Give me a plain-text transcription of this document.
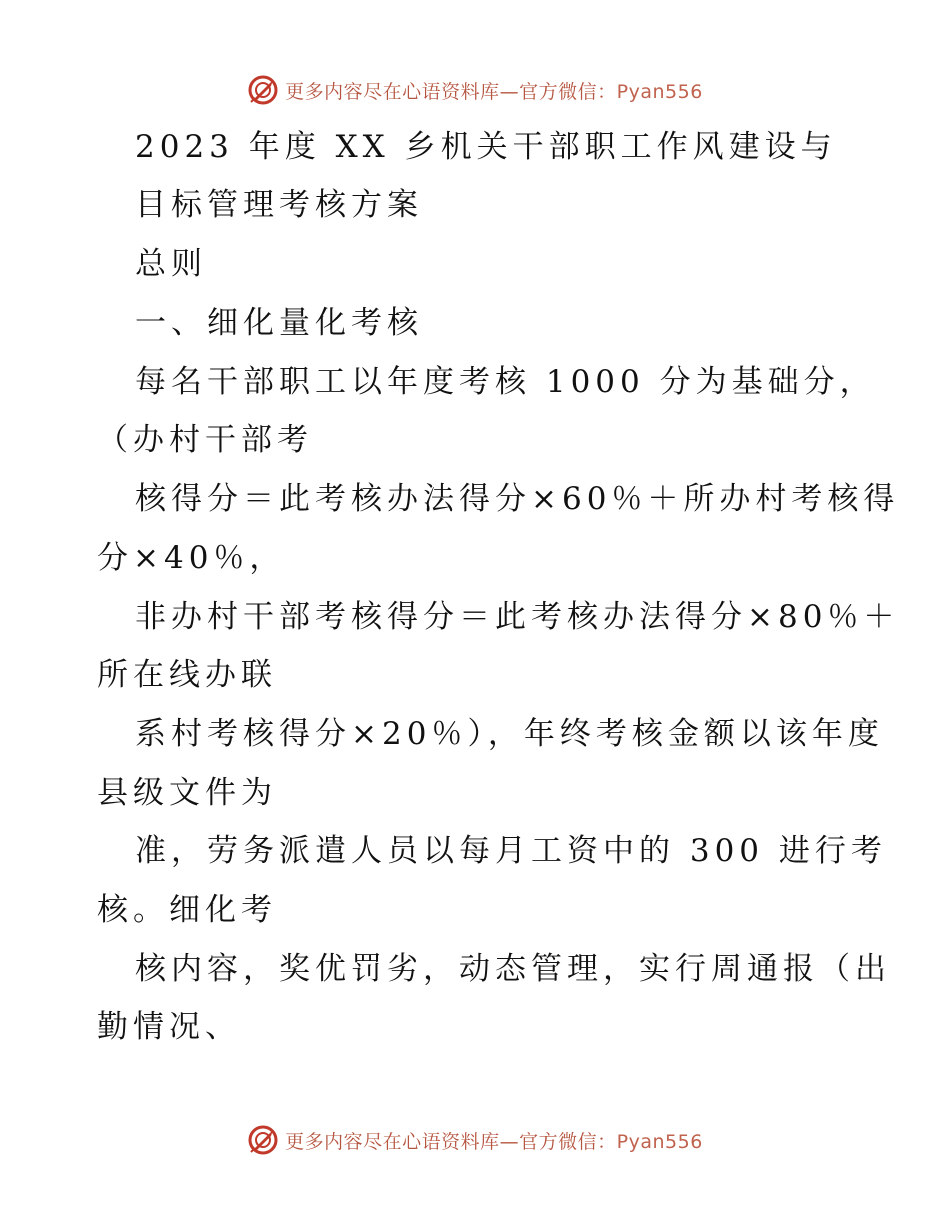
更多内容尽在心语资料库—官方微信：Pyan556
2023 年度 XX 乡机关干部职工作风建设与
目标管理考核方案
总则
一、细化量化考核
每名干部职工以年度考核 1000 分为基础分，
（办村干部考
核得分＝此考核办法得分×60％＋所办村考核得
分×40％，
非办村干部考核得分＝此考核办法得分×80％＋
所在线办联
系村考核得分×20％），年终考核金额以该年度
县级文件为
准，劳务派遣人员以每月工资中的 300 进行考
核。细化考
核内容，奖优罚劣，动态管理，实行周通报（出
勤情况、
更多内容尽在心语资料库—官方微信：Pyan556
